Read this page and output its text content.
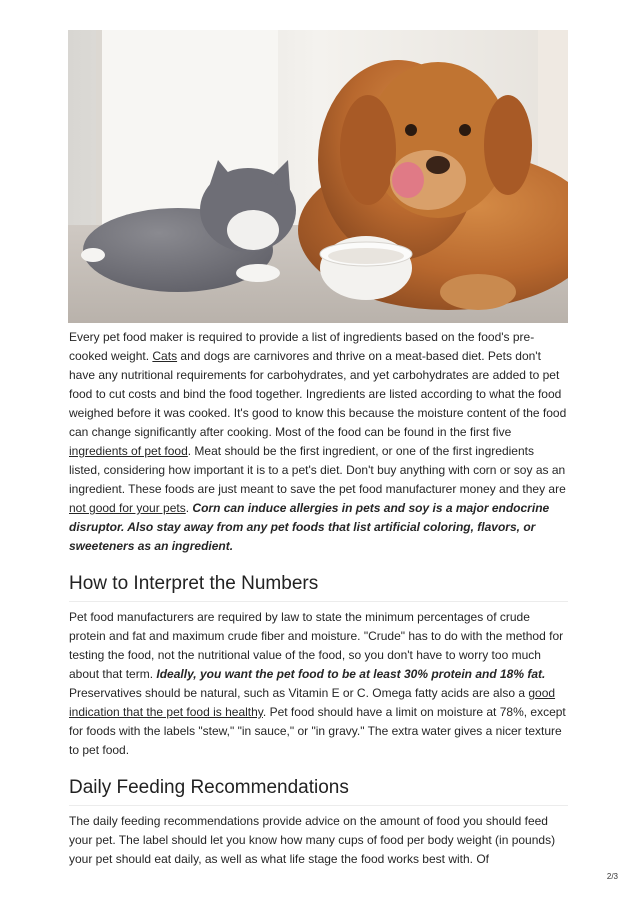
Every pet food maker is required to provide a list of ingredients based on the food's pre-cooked weight. Cats and dogs are carnivores and thrive on a meat-based diet. Pets don't have any nutritional requirements for carbohydrates, and yet carbohydrates are added to pet food to cut costs and bind the food together. Ingredients are listed according to what the food weighed before it was cooked. It's good to know this because the moisture content of the food can change significantly after cooking. Most of the food can be found in the first five ingredients of pet food. Meat should be the first ingredient, or one of the first ingredients listed, considering how important it is to a pet's diet. Don't buy anything with corn or soy as an ingredient. These foods are just meant to save the pet food manufacturer money and they are not good for your pets. Corn can induce allergies in pets and soy is a major endocrine disruptor. Also stay away from any pet foods that list artificial coloring, flavors, or sweeteners as an ingredient.

How to Interpret the Numbers

Pet food manufacturers are required by law to state the minimum percentages of crude protein and fat and maximum crude fiber and moisture. "Crude" has to do with the method for testing the food, not the nutritional value of the food, so you don't have to worry too much about that term. Ideally, you want the pet food to be at least 30% protein and 18% fat. Preservatives should be natural, such as Vitamin E or C. Omega fatty acids are also a good indication that the pet food is healthy. Pet food should have a limit on moisture at 78%, except for foods with the labels "stew," "in sauce," or "in gravy." The extra water gives a nicer texture to pet food.

Daily Feeding Recommendations

The daily feeding recommendations provide advice on the amount of food you should feed your pet. The label should let you know how many cups of food per body weight (in pounds) your pet should eat daily, as well as what life stage the food works best with. Of

2/3
